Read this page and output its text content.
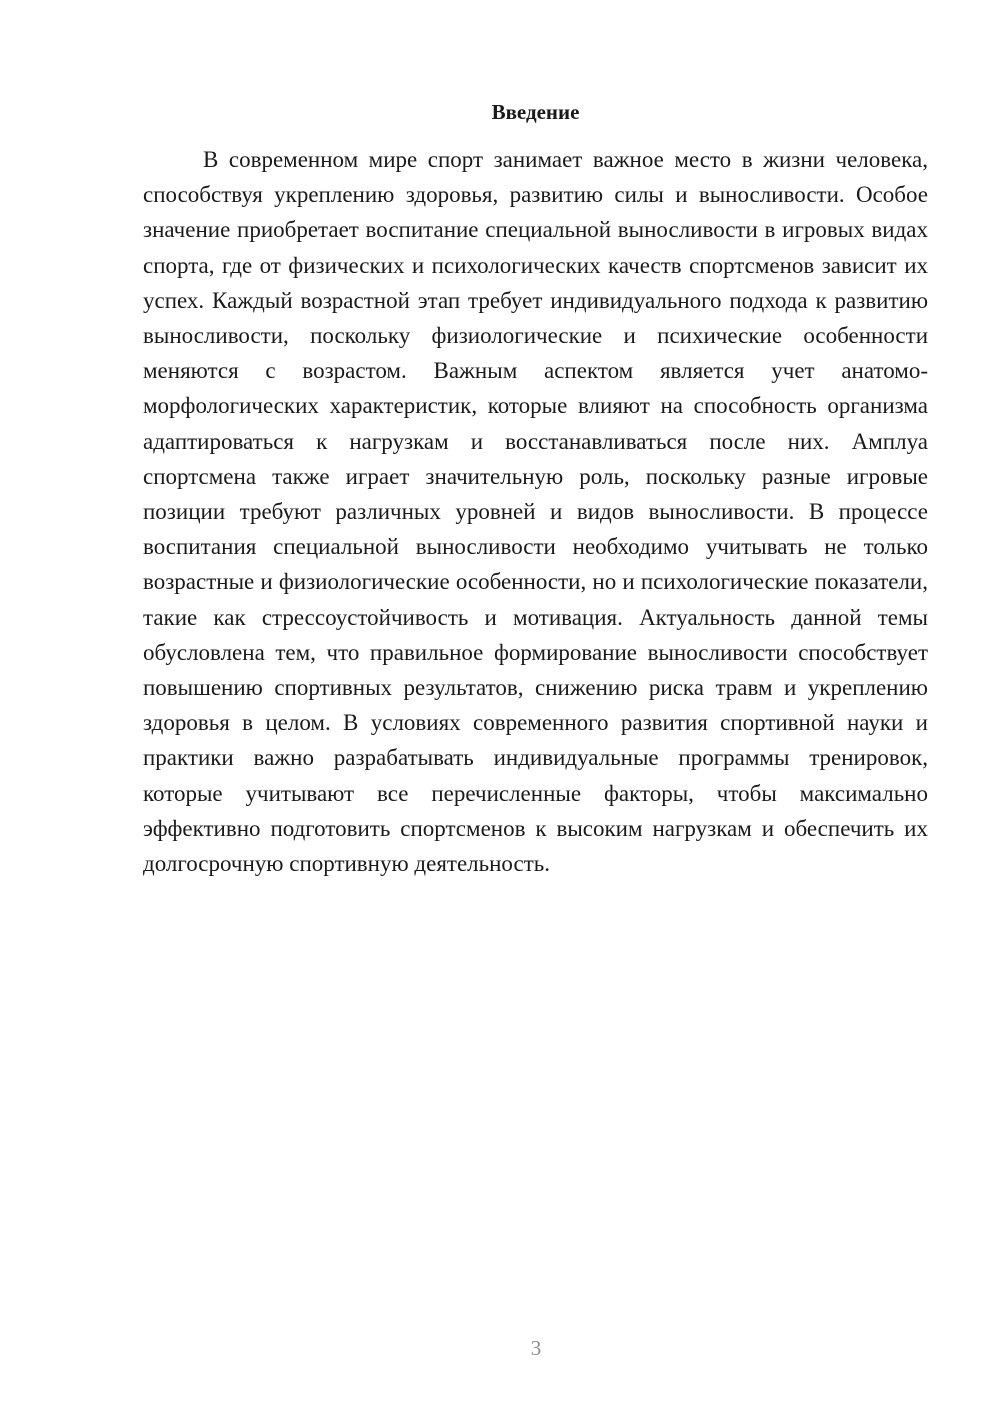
Введение

В современном мире спорт занимает важное место в жизни человека, способствуя укреплению здоровья, развитию силы и выносливости. Особое значение приобретает воспитание специальной выносливости в игровых видах спорта, где от физических и психологических качеств спортсменов зависит их успех. Каждый возрастной этап требует индивидуального подхода к развитию выносливости, поскольку физиологические и психические особенности меняются с возрастом. Важным аспектом является учет анатомо-морфологических характеристик, которые влияют на способность организма адаптироваться к нагрузкам и восстанавливаться после них. Амплуа спортсмена также играет значительную роль, поскольку разные игровые позиции требуют различных уровней и видов выносливости. В процессе воспитания специальной выносливости необходимо учитывать не только возрастные и физиологические особенности, но и психологические показатели, такие как стрессоустойчивость и мотивация. Актуальность данной темы обусловлена тем, что правильное формирование выносливости способствует повышению спортивных результатов, снижению риска травм и укреплению здоровья в целом. В условиях современного развития спортивной науки и практики важно разрабатывать индивидуальные программы тренировок, которые учитывают все перечисленные факторы, чтобы максимально эффективно подготовить спортсменов к высоким нагрузкам и обеспечить их долгосрочную спортивную деятельность.

3
